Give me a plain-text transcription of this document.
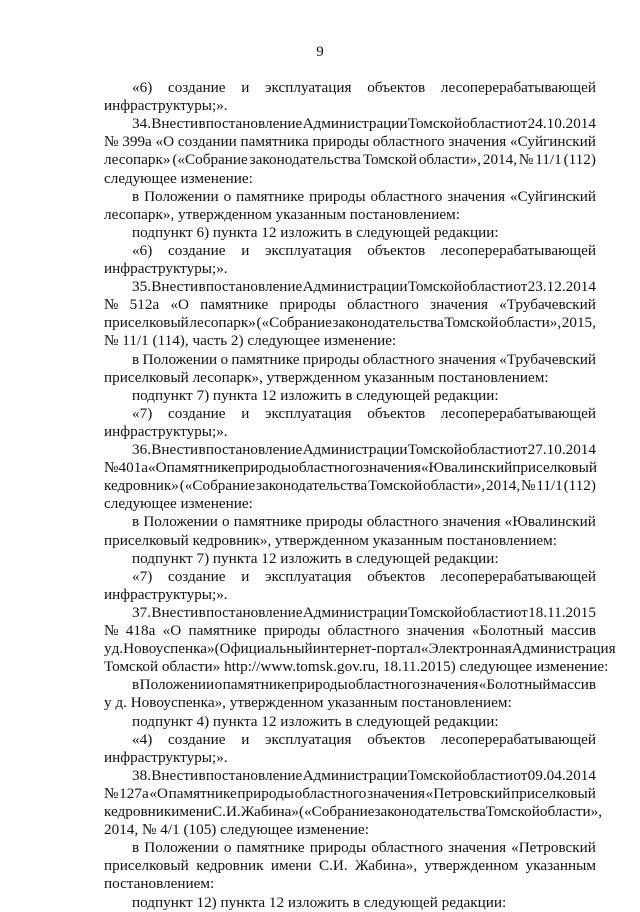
9
«6) создание и эксплуатация объектов лесоперерабатывающей
инфраструктуры;».
34. Внести в постановление Администрации Томской области от 24.10.2014
№ 399а «О создании памятника природы областного значения «Суйгинский
лесопарк» («Собрание законодательства Томской области», 2014, № 11/1 (112)
следующее изменение:
в Положении о памятнике природы областного значения «Суйгинский
лесопарк», утвержденном указанным постановлением:
подпункт 6) пункта 12 изложить в следующей редакции:
«6) создание и эксплуатация объектов лесоперерабатывающей
инфраструктуры;».
35. Внести в постановление Администрации Томской области от 23.12.2014
№ 512а «О памятнике природы областного значения «Трубачевский
приселковый лесопарк» («Собрание законодательства Томской области», 2015,
№ 11/1 (114), часть 2) следующее изменение:
в Положении о памятнике природы областного значения «Трубачевский
приселковый лесопарк», утвержденном указанным постановлением:
подпункт 7) пункта 12 изложить в следующей редакции:
«7) создание и эксплуатация объектов лесоперерабатывающей
инфраструктуры;».
36. Внести в постановление Администрации Томской области от 27.10.2014
№ 401а «О памятнике природы областного значения «Ювалинский приселковый
кедровник» («Собрание законодательства Томской области», 2014, № 11/1 (112)
следующее изменение:
в Положении о памятнике природы областного значения «Ювалинский
приселковый кедровник», утвержденном указанным постановлением:
подпункт 7) пункта 12 изложить в следующей редакции:
«7) создание и эксплуатация объектов лесоперерабатывающей
инфраструктуры;».
37. Внести в постановление Администрации Томской области от 18.11.2015
№ 418а «О памятнике природы областного значения «Болотный массив
у д. Новоуспенка» (Официальный интернет-портал «Электронная Администрация
Томской области» http://www.tomsk.gov.ru, 18.11.2015) следующее изменение:
в Положении о памятнике природы областного значения «Болотный массив
у д. Новоуспенка», утвержденном указанным постановлением:
подпункт 4) пункта 12 изложить в следующей редакции:
«4) создание и эксплуатация объектов лесоперерабатывающей
инфраструктуры;».
38. Внести в постановление Администрации Томской области от 09.04.2014
№ 127а «О памятнике природы областного значения «Петровский приселковый
кедровник имени С.И. Жабина» («Собрание законодательства Томской области»,
2014, № 4/1 (105) следующее изменение:
в Положении о памятнике природы областного значения «Петровский
приселковый кедровник имени С.И. Жабина», утвержденном указанным
постановлением:
подпункт 12) пункта 12 изложить в следующей редакции:
